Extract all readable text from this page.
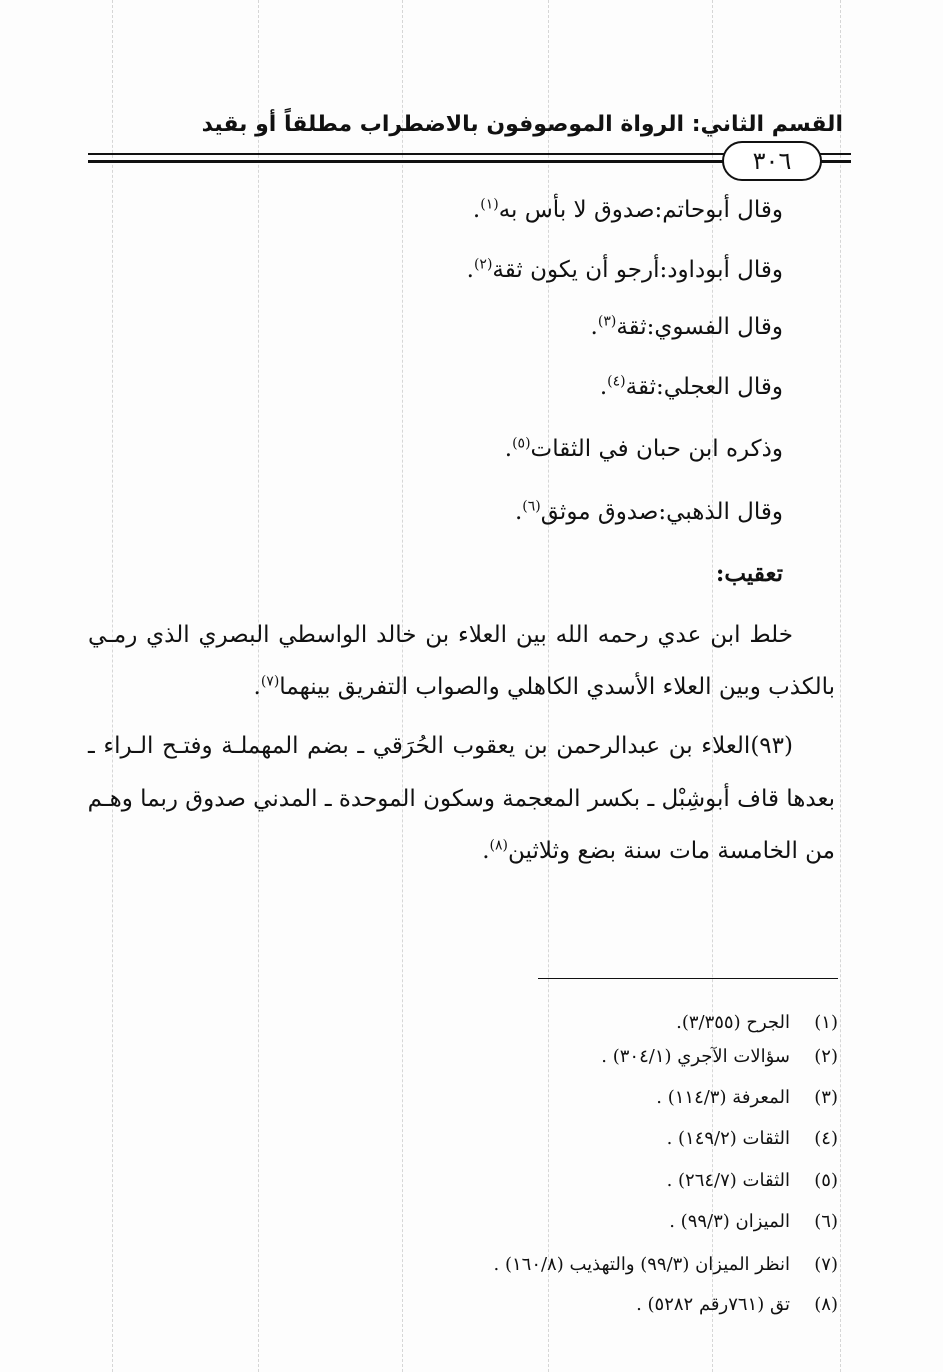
القسم الثاني: الرواة الموصوفون بالاضطراب مطلقاً أو بقيد
٣٠٦
وقال أبوحاتم:صدوق لا بأس به$^{(١)}$.
وقال أبوداود:أرجو أن يكون ثقة$^{(٢)}$.
وقال الفسوي:ثقة$^{(٣)}$.
وقال العجلي:ثقة$^{(٤)}$.
وذكره ابن حبان في الثقات$^{(٥)}$.
وقال الذهبي:صدوق موثق$^{(٦)}$.
تعقيب:
خلط ابن عدي رحمه الله بين العلاء بن خالد الواسطي البصري الذي رمـي
بالكذب وبين العلاء الأسدي الكاهلي والصواب التفريق بينهما$^{(٧)}$.
(٩٣)العلاء بن عبدالرحمن بن يعقوب الحُرَقي ـ بضم المهملـة وفتـح الـراء ـ
بعدها قاف أبوشِبْل ـ بكسر المعجمة وسكون الموحدة ـ المدني صدوق ربما وهـم
من الخامسة مات سنة بضع وثلاثين$^{(٨)}$.
(١)الجرح (٣/٣٥٥).
(٢)سؤالات الآجري (٣٠٤/١) .
(٣)المعرفة (١١٤/٣) .
(٤)الثقات (١٤٩/٢) .
(٥)الثقات (٢٦٤/٧) .
(٦)الميزان (٩٩/٣) .
(٧)انظر الميزان (٩٩/٣) والتهذيب (١٦٠/٨) .
(٨)تق (٧٦١رقم ٥٢٨٢) .
